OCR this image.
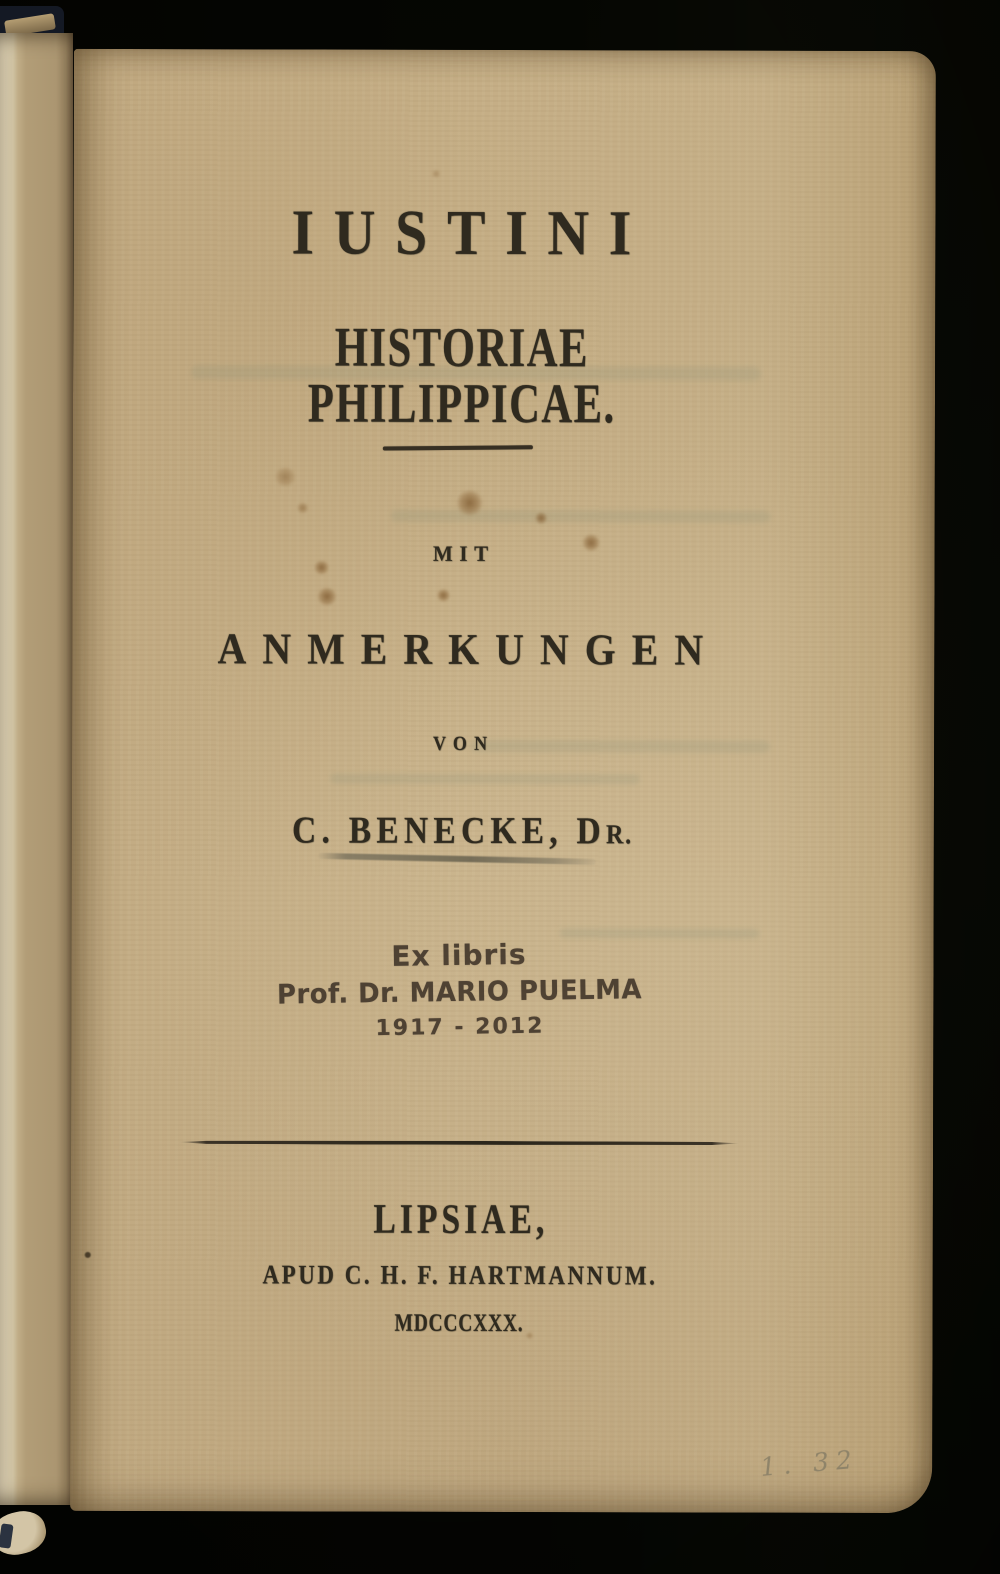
IUSTINI
HISTORIAE PHILIPPICAE.
MIT
ANMERKUNGEN
VON
C. BENECKE, DR.
Ex libris
Prof. Dr. MARIO PUELMA
1917 - 2012
LIPSIAE,
APUD C. H. F. HARTMANNUM.
MDCCCXXX.
1. 32
